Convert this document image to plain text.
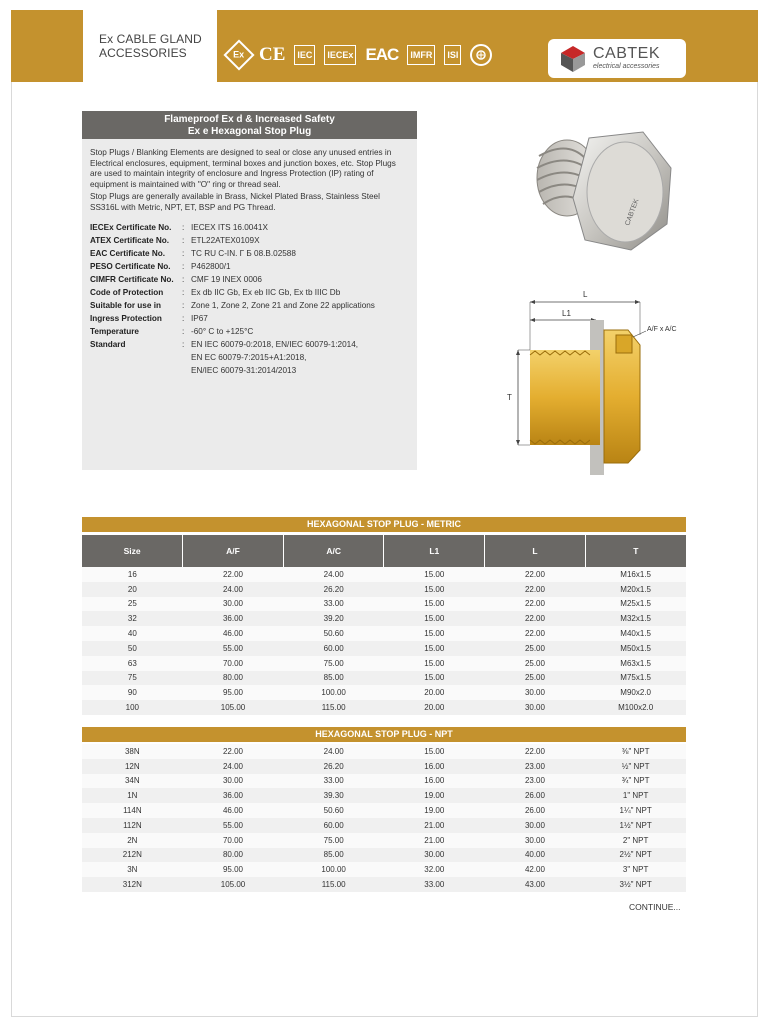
Ex CABLE GLAND
ACCESSORIES	Ex CE	IEC	IECEx EAC	IMFR	ISI	CABTEK
electrical accessories
Flameproof Ex d & Increased Safety
Ex e Hexagonal Stop Plug

Stop Plugs / Blanking Elements are designed to seal or close any unused entries in Electrical enclosures, equipment, terminal boxes and junction boxes, etc. Stop Plugs are used to maintain integrity of enclosure and Ingress Protection (IP) rating of equipment is maintained with "O" ring or thread seal.

Stop Plugs are generally available in Brass, Nickel Plated Brass, Stainless Steel SS316L with Metric, NPT, ET, BSP and PG Thread.

IECEx Certificate No.	: IECEX ITS 16.0041X
ATEX Certificate No.	: ETL22ATEX0109X
EAC Certificate No.	: ТС RU C-IN. Г Б 08.В.02588
PESO Certificate No.	: P462800/1
CIMFR Certificate No.	: CMF 19 INEX 0006
Code of Protection	: Ex db IIC Gb, Ex eb IIC Gb, Ex tb IIIC Db
Suitable for use in	: Zone 1, Zone 2, Zone 21 and Zone 22 applications
Ingress Protection	: IP67
Temperature	: -60° C to +125°C
Standard	: EN IEC 60079-0:2018, EN/IEC 60079-1:2014,
EN EC 60079-7:2015+A1:2018,
EN/IEC 60079-31:2014/2013
CABTEK
L
L1
T
A/F x A/C
HEXAGONAL STOP PLUG - METRIC
Size	A/F	A/C	L1	L	T
16	22.00	24.00	15.00	22.00	M16x1.5
20	24.00	26.20	15.00	22.00	M20x1.5
25	30.00	33.00	15.00	22.00	M25x1.5
32	36.00	39.20	15.00	22.00	M32x1.5
40	46.00	50.60	15.00	22.00	M40x1.5
50	55.00	60.00	15.00	25.00	M50x1.5
63	70.00	75.00	15.00	25.00	M63x1.5
75	80.00	85.00	15.00	25.00	M75x1.5
90	95.00	100.00	20.00	30.00	M90x2.0
100	105.00	115.00	20.00	30.00	M100x2.0
HEXAGONAL STOP PLUG - NPT
38N	22.00	24.00	15.00	22.00	⅜" NPT
12N	24.00	26.20	16.00	23.00	½" NPT
34N	30.00	33.00	16.00	23.00	¾" NPT
1N	36.00	39.30	19.00	26.00	1" NPT
114N	46.00	50.60	19.00	26.00	1¼" NPT
112N	55.00	60.00	21.00	30.00	1½" NPT
2N	70.00	75.00	21.00	30.00	2" NPT
212N	80.00	85.00	30.00	40.00	2½" NPT
3N	95.00	100.00	32.00	42.00	3" NPT
312N	105.00	115.00	33.00	43.00	3½" NPT
CONTINUE...
